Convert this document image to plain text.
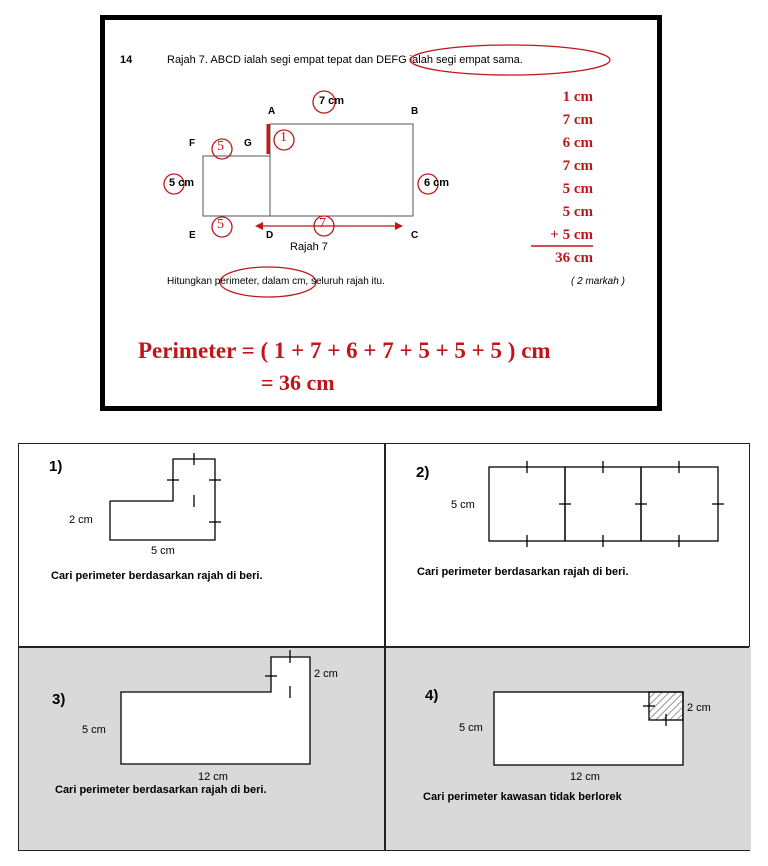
14	Rajah 7. ABCD ialah segi empat tepat dan DEFG ialah segi empat sama.
A	B
C
D
E
F	G
7 cm
5 cm	6 cm
1
5
5	7
Rajah 7
Hitungkan perimeter, dalam cm, seluruh rajah itu.	( 2 markah )
1 cm
7 cm
6 cm
7 cm
5 cm
5 cm
+ 5 cm
36 cm
Perimeter = ( 1 + 7 + 6 + 7 + 5 + 5 + 5 ) cm
= 36 cm
1)
2 cm
5 cm
Cari perimeter berdasarkan rajah di beri.
2)
5 cm
Cari perimeter berdasarkan rajah di beri.
3)
5 cm
2 cm
12 cm
Cari perimeter berdasarkan rajah di beri.
4)
5 cm
2 cm
12 cm
Cari perimeter kawasan tidak berlorek
